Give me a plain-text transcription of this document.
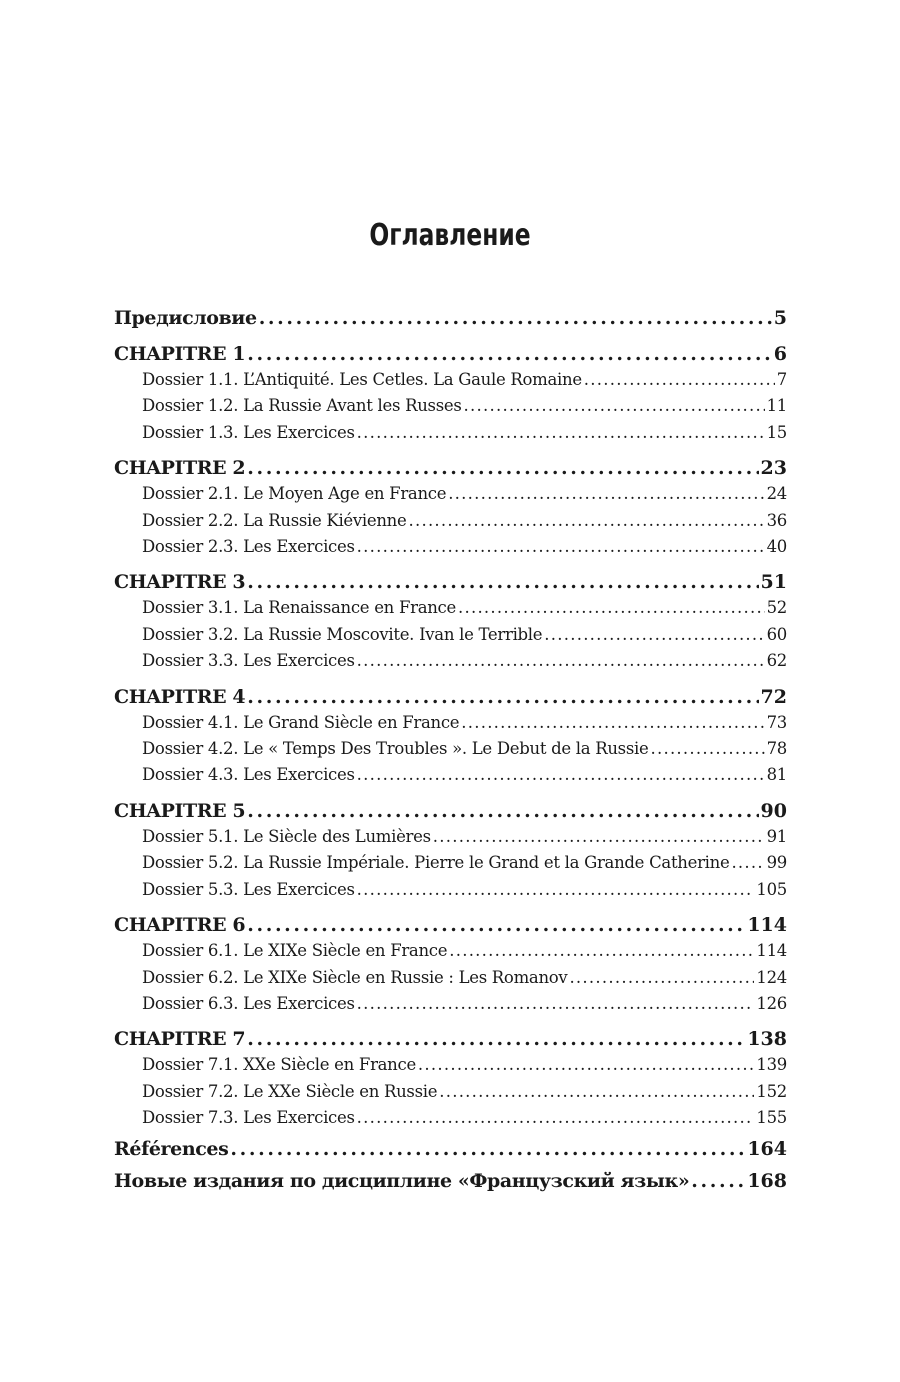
Оглавление
Предисловие . . .	5
CHAPITRE 1 . . .	6
Dossier 1.1. L’Antiquité. Les Cetles. La Gaule Romaine . . .	7
Dossier 1.2. La Russie Avant les Russes . . .	11
Dossier 1.3. Les Exercices . . .	15
CHAPITRE 2 . . .	23
Dossier 2.1. Le Moyen Age en France . . .	24
Dossier 2.2. La Russie Kiévienne . . .	36
Dossier 2.3. Les Exercices . . .	40
CHAPITRE 3 . . .	51
Dossier 3.1. La Renaissance en France . . .	52
Dossier 3.2. La Russie Moscovite. Ivan le Terrible . . .	60
Dossier 3.3. Les Exercices . . .	62
CHAPITRE 4 . . .	72
Dossier 4.1. Le Grand Siècle en France . . .	73
Dossier 4.2. Le « Temps Des Troubles ». Le Debut de la Russie . . .	78
Dossier 4.3. Les Exercices . . .	81
CHAPITRE 5 . . .	90
Dossier 5.1. Le Siècle des Lumières . . .	91
Dossier 5.2. La Russie Impériale. Pierre le Grand et la Grande Catherine . . . 99
Dossier 5.3. Les Exercices . . .	105
CHAPITRE 6 . . .	114
Dossier 6.1. Le XIXe Siècle en France . . .	114
Dossier 6.2. Le XIXe Siècle en Russie : Les Romanov . . .	124
Dossier 6.3. Les Exercices . . .	126
CHAPITRE 7 . . .	138
Dossier 7.1. XXe Siècle en France . . .	139
Dossier 7.2. Le XXe Siècle en Russie . . .	152
Dossier 7.3. Les Exercices . . .	155
Références . . .	164
Новые издания по дисциплине «Французский язык» . . .	168
